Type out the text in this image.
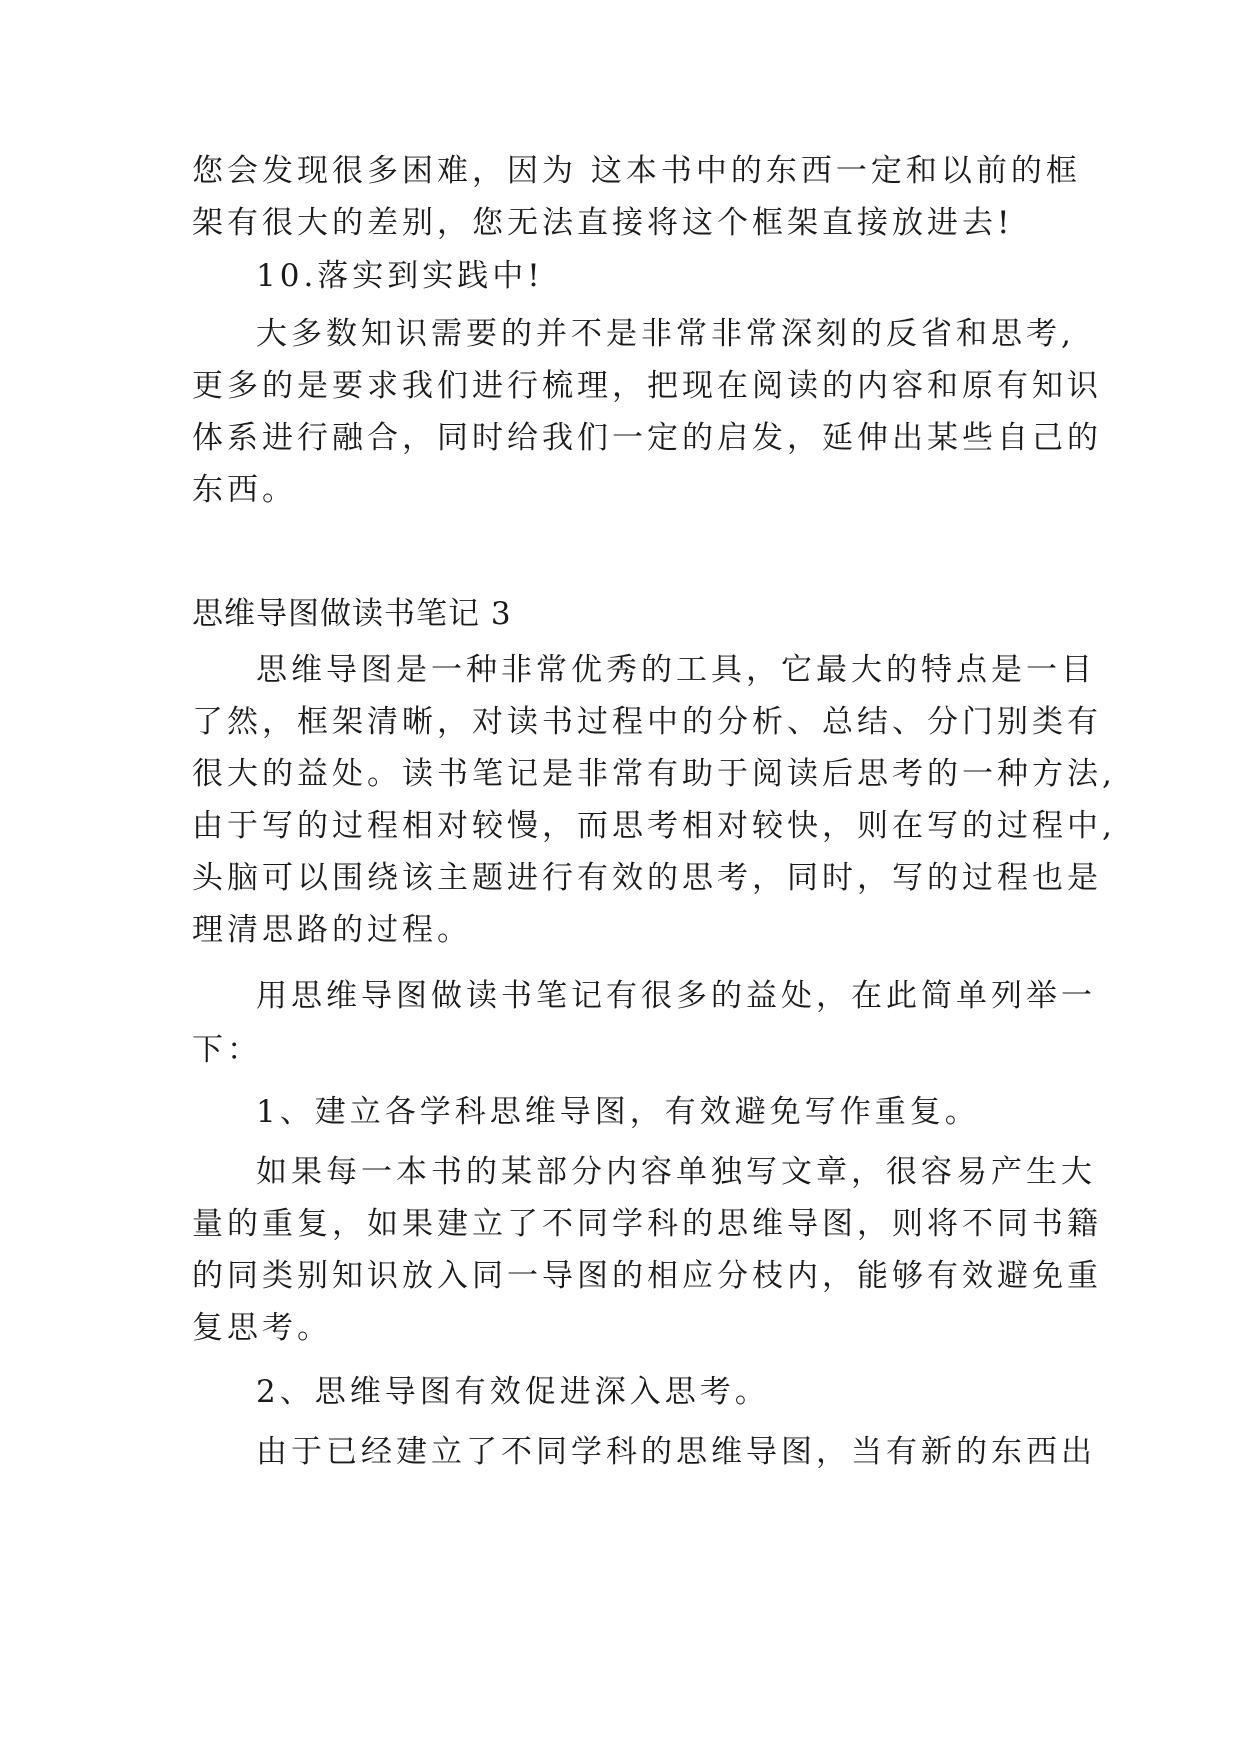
您会发现很多困难，因为 这本书中的东西一定和以前的框
架有很大的差别，您无法直接将这个框架直接放进去!
10.落实到实践中!
大多数知识需要的并不是非常非常深刻的反省和思考,
更多的是要求我们进行梳理，把现在阅读的内容和原有知识
体系进行融合，同时给我们一定的启发，延伸出某些自己的
东西。
思维导图做读书笔记 3
思维导图是一种非常优秀的工具，它最大的特点是一目
了然，框架清晰，对读书过程中的分析、总结、分门别类有
很大的益处。读书笔记是非常有助于阅读后思考的一种方法,
由于写的过程相对较慢，而思考相对较快，则在写的过程中,
头脑可以围绕该主题进行有效的思考，同时，写的过程也是
理清思路的过程。
用思维导图做读书笔记有很多的益处，在此简单列举一
下：
1、建立各学科思维导图，有效避免写作重复。
如果每一本书的某部分内容单独写文章，很容易产生大
量的重复，如果建立了不同学科的思维导图，则将不同书籍
的同类别知识放入同一导图的相应分枝内，能够有效避免重
复思考。
2、思维导图有效促进深入思考。
由于已经建立了不同学科的思维导图，当有新的东西出
